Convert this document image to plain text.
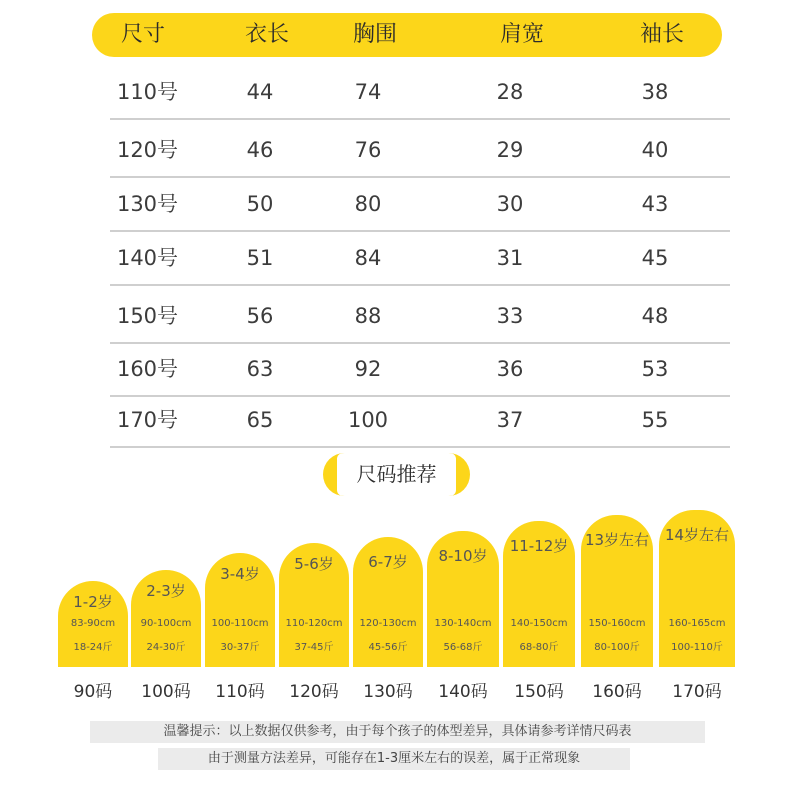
尺寸	衣长	胸围	肩宽	袖长
110号	44	74	28	38
120号	46	76	29	40
130号	50	80	30	43
140号	51	84	31	45
150号	56	88	33	48
160号	63	92	36	53
170号	65	100	37	55
尺码推荐
1-2岁
83-90cm
18-24斤
90码
2-3岁
90-100cm
24-30斤
100码
3-4岁
100-110cm
30-37斤
110码
5-6岁
110-120cm
37-45斤
120码
6-7岁
120-130cm
45-56斤
130码
8-10岁
130-140cm
56-68斤
140码
11-12岁
140-150cm
68-80斤
150码
13岁左右
150-160cm
80-100斤
160码
14岁左右
160-165cm
100-110斤
170码
温馨提示：以上数据仅供参考，由于每个孩子的体型差异，具体请参考详情尺码表
由于测量方法差异，可能存在1-3厘米左右的误差，属于正常现象
